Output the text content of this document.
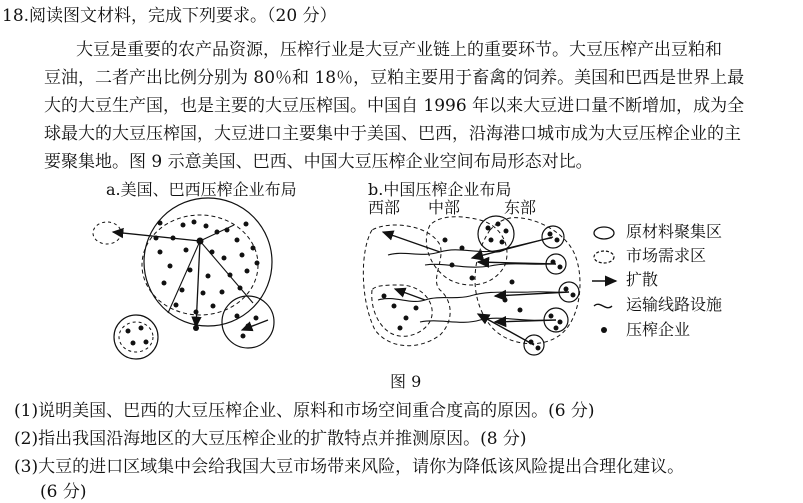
18.阅读图文材料，完成下列要求。（20 分）
大豆是重要的农产品资源，压榨行业是大豆产业链上的重要环节。大豆压榨产出豆粕和
豆油，二者产出比例分别为 80％和 18％，豆粕主要用于畜禽的饲养。美国和巴西是世界上最
大的大豆生产国，也是主要的大豆压榨国。中国自 1996 年以来大豆进口量不断增加，成为全
球最大的大豆压榨国，大豆进口主要集中于美国、巴西，沿海港口城市成为大豆压榨企业的主
要聚集地。图 9 示意美国、巴西、中国大豆压榨企业空间布局形态对比。
a.美国、巴西压榨企业布局	b.中国压榨企业布局
西部 中部	东部
原材料聚集区
市场需求区
扩散
运输线路设施
压榨企业
图 9
(1)说明美国、巴西的大豆压榨企业、原料和市场空间重合度高的原因。(6 分)
(2)指出我国沿海地区的大豆压榨企业的扩散特点并推测原因。(8 分)
(3)大豆的进口区域集中会给我国大豆市场带来风险，请你为降低该风险提出合理化建议。
(6 分)
